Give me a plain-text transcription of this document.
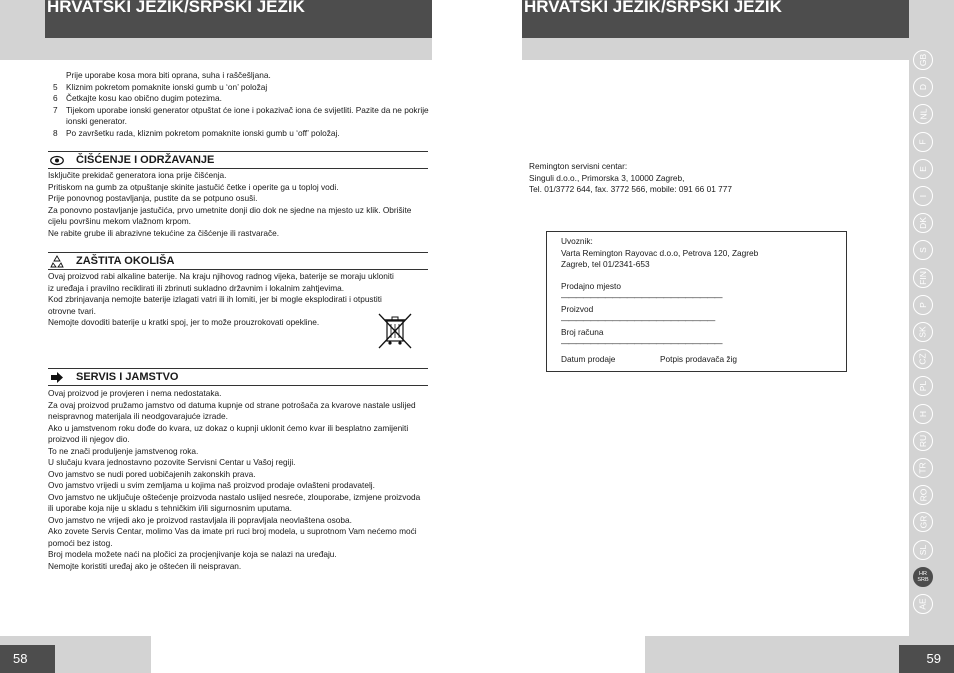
HRVATSKI JEZIK/SRPSKI JEZIK
Prije uporabe kosa mora biti oprana, suha i raščešljana.
5	Kliznim pokretom pomaknite ionski gumb u ‘on’ položaj
6	Četkajte kosu kao obično dugim potezima.
7	Tijekom uporabe ionski generator otpuštat će ione i pokazivač iona će svijetliti. Pazite da ne pokrije ionski generator.
8	Po završetku rada, kliznim pokretom pomaknite ionski gumb u ‘off’ položaj.
ČIŠĆENJE I ODRŽAVANJE
Isključite prekidač generatora iona prije čišćenja.
Pritiskom na gumb za otpuštanje skinite jastučić četke i operite ga u toplој vodi.
Prije ponovnog postavljanja, pustite da se potpuno osuši.
Za ponovno postavljanje jastučića, prvo umetnite donji dio dok ne sjedne na mjesto uz klik. Obrišite cijelu površinu mekom vlažnom krpom.
Ne rabite grube ili abrazivne tekućine za čišćenje ili rastvarače.
ZAŠTITA OKOLIŠA
Ovaj proizvod rabi alkaline baterije. Na kraju njihovog radnog vijeka, baterije se moraju ukloniti iz uređaja i pravilno reciklirati ili zbrinuti sukladno državnim i lokalnim zahtjevima.
Kod zbrinjavanja nemojte baterije izlagati vatri ili ih lomiti, jer bi mogle eksplodirati i otpustiti otrovne tvari.
Nemojte dovoditi baterije u kratki spoj, jer to može prouzrokovati opekline.
SERVIS I JAMSTVO
Ovaj proizvod je provjeren i nema nedostataka.
Za ovaj proizvod pružamo jamstvo od datuma kupnje od strane potrošača za kvarove nastale uslijed neispravnog materijala ili neodgovarajuće izrade.
Ako u jamstvenom roku dođe do kvara, uz dokaz o kupnji uklonit ćemo kvar ili besplatno zamijeniti proizvod ili njegov dio.
To ne znači produljenje jamstvenog roka.
U slučaju kvara jednostavno pozovite Servisni Centar u Vašoj regiji.
Ovo jamstvo se nudi pored uobičajenih zakonskih prava.
Ovo jamstvo vrijedi u svim zemljama u kojima naš proizvod prodaje ovlašteni prodavatelj.
Ovo jamstvo ne uključuje oštećenje proizvoda nastalo uslijed nesreće, zlouporabe, izmjene proizvoda ili uporabe koja nije u skladu s tehničkim i/ili sigurnosnim uputama.
Ovo jamstvo ne vrijedi ako je proizvod rastavljala ili popravljala neovlaštena osoba.
Ako zovete Servis Centar, molimo Vas da imate pri ruci broj modela, u suprotnom Vam nećemo moći pomoći bez istog.
Broj modela možete naći na pločici za procjenjivanje koja se nalazi na uređaju.
Nemojte koristiti uređaj ako je oštećen ili neispravan.
58
HRVATSKI JEZIK/SRPSKI JEZIK
Remington servisni centar:
Singuli d.o.o., Primorska 3, 10000 Zagreb,
Tel. 01/3772 644, fax. 3772 566, mobile: 091 66 01 777
Uvoznik:
Varta Remington Rayovac d.o.o, Petrova 120, Zagreb
Zagreb, tel 01/2341-653
Prodajno mjesto
——————————————————————
Proizvod
—————————————————————
Broj računa
——————————————————————
Datum prodaje	Potpis prodavača žig
GB
D
NL
F
E
I
DK
S
FIN
P
SK
CZ
PL
H
RU
TR
RO
GR
SL
HR
SRB
AE
59
